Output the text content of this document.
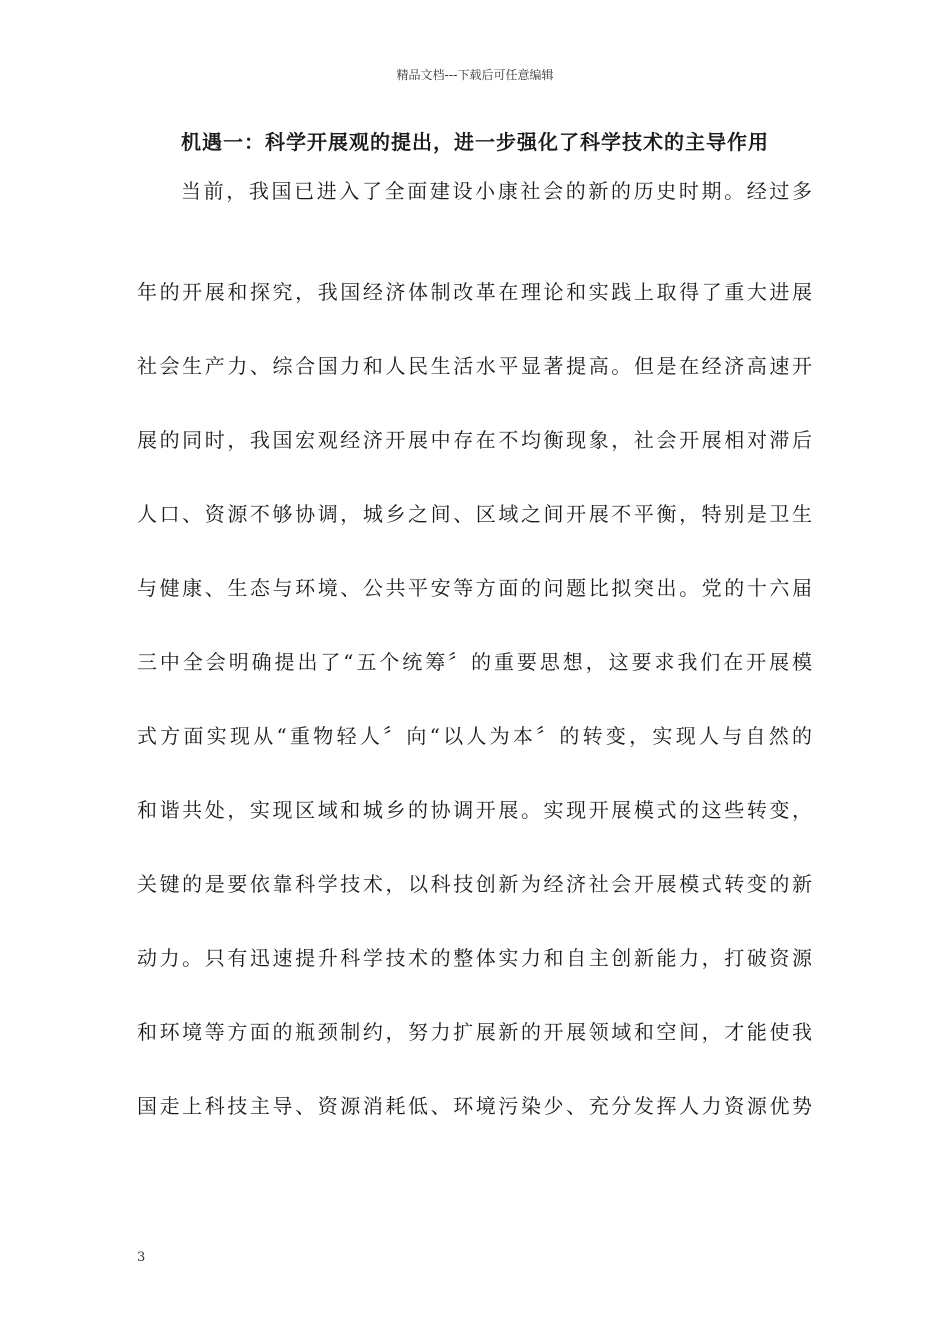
精品文档---下载后可任意编辑
机遇一：科学开展观的提出，进一步强化了科学技术的主导作用
当前，我国已进入了全面建设小康社会的新的历史时期。经过多
年的开展和探究，我国经济体制改革在理论和实践上取得了重大进展
社会生产力、综合国力和人民生活水平显著提高。但是在经济高速开
展的同时，我国宏观经济开展中存在不均衡现象，社会开展相对滞后
人口、资源不够协调，城乡之间、区域之间开展不平衡，特别是卫生
与健康、生态与环境、公共平安等方面的问题比拟突出。党的十六届
三中全会明确提出了“五个统筹〞的重要思想，这要求我们在开展模
式方面实现从“重物轻人〞向“以人为本〞的转变，实现人与自然的
和谐共处，实现区域和城乡的协调开展。实现开展模式的这些转变，
关键的是要依靠科学技术，以科技创新为经济社会开展模式转变的新
动力。只有迅速提升科学技术的整体实力和自主创新能力，打破资源
和环境等方面的瓶颈制约，努力扩展新的开展领域和空间，才能使我
国走上科技主导、资源消耗低、环境污染少、充分发挥人力资源优势
3
